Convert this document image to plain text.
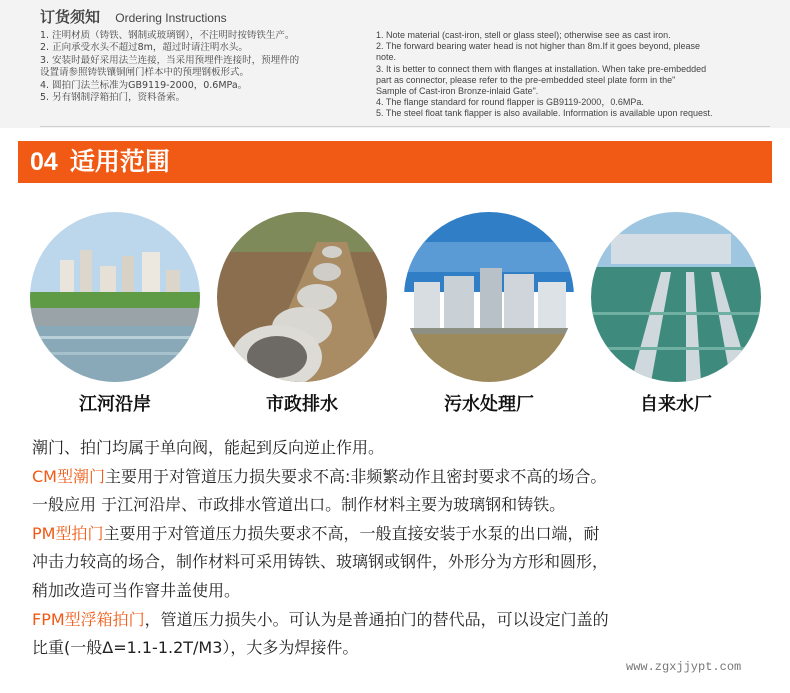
订货须知 Ordering Instructions
1. 注明材质（铸铁、钢制或玻璃钢），不注明时按铸铁生产。
2. 正向承受水头不超过8m，超过时请注明水头。
3. 安装时最好采用法兰连接，当采用预埋件连接时，预埋件的
设置请参照铸铁镶铜闸门样本中的预埋钢板形式。
4. 圆拍门法兰标准为GB9119-2000，0.6MPa。
5. 另有钢制浮箱拍门，资料备索。
1. Note material (cast-iron, stell or glass steel); otherwise see as cast iron.
2. The forward bearing water head is not higher than 8m.If it goes beyond, please
note.
3. It is better to connect them with flanges at installation. When take pre-embedded
part as connector, please refer to the pre-embedded steel plate form in the"
Sample of Cast-iron Bronze-inlaid Gate".
4. The flange standard for round flapper is GB9119-2000，0.6MPa.
5. The steel float tank flapper is also available. Information is available upon request.
04 适用范围
江河沿岸	市政排水	污水处理厂	自来水厂
潮门、拍门均属于单向阀，能起到反向逆止作用。
CM型潮门主要用于对管道压力损失要求不高:非频繁动作且密封要求不高的场合。
一般应用 于江河沿岸、市政排水管道出口。制作材料主要为玻璃钢和铸铁。
PM型拍门主要用于对管道压力损失要求不高，一般直接安装于水泵的出口端，耐
冲击力较高的场合，制作材料可采用铸铁、玻璃钢或钢件，外形分为方形和圆形，
稍加改造可当作窨井盖使用。
FPM型浮箱拍门，管道压力损失小。可认为是普通拍门的替代品，可以设定门盖的
比重(一般Δ=1.1-1.2T/M3），大多为焊接件。
www.zgxjjypt.com
